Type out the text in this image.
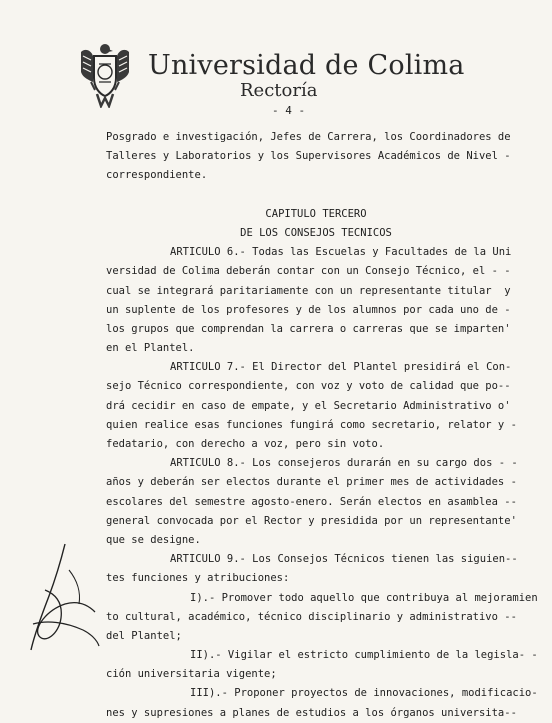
Universidad de Colima
Rectoría
- 4 -
Posgrado e investigación, Jefes de Carrera, los Coordinadores de
Talleres y Laboratorios y los Supervisores Académicos de Nivel -
correspondiente.
CAPITULO TERCERO
DE LOS CONSEJOS TECNICOS
ARTICULO 6.- Todas las Escuelas y Facultades de la Uni
versidad de Colima deberán contar con un Consejo Técnico, el - -
cual se integrará paritariamente con un representante titular  y
un suplente de los profesores y de los alumnos por cada uno de -
los grupos que comprendan la carrera o carreras que se imparten'
en el Plantel.
ARTICULO 7.- El Director del Plantel presidirá el Con-
sejo Técnico correspondiente, con voz y voto de calidad que po--
drá cecidir en caso de empate, y el Secretario Administrativo o'
quien realice esas funciones fungirá como secretario, relator y -
fedatario, con derecho a voz, pero sin voto.
ARTICULO 8.- Los consejeros durarán en su cargo dos - -
años y deberán ser electos durante el primer mes de actividades -
escolares del semestre agosto-enero. Serán electos en asamblea --
general convocada por el Rector y presidida por un representante'
que se designe.
ARTICULO 9.- Los Consejos Técnicos tienen las siguien--
tes funciones y atribuciones:
I).- Promover todo aquello que contribuya al mejoramien
to cultural, académico, técnico disciplinario y administrativo --
del Plantel;
II).- Vigilar el estricto cumplimiento de la legisla- -
ción universitaria vigente;
III).- Proponer proyectos de innovaciones, modificacio-
nes y supresiones a planes de estudios a los órganos universita--
